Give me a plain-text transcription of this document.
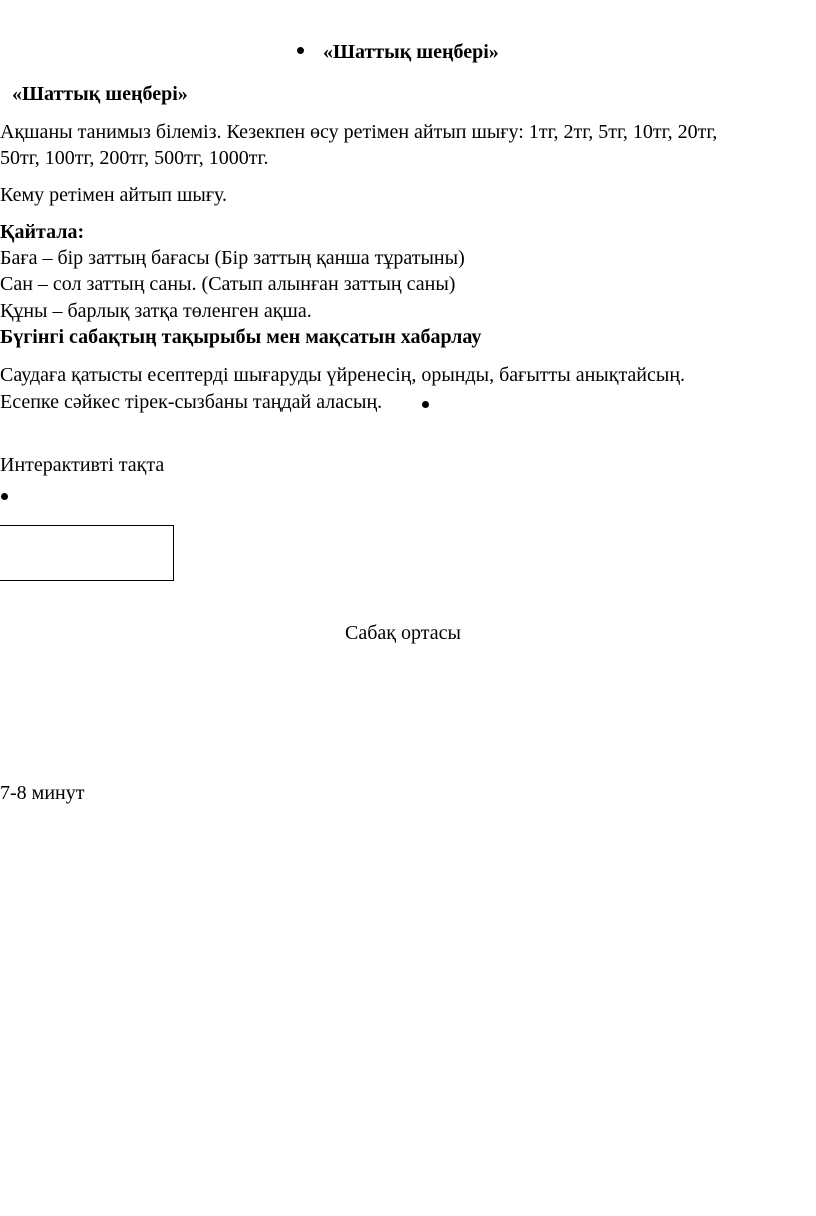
«Шаттық шеңбері»

«Шаттық шеңбері»

Ақшаны танимыз білеміз. Кезекпен өсу ретімен айтып шығу: 1тг, 2тг, 5тг, 10тг, 20тг,

50тг, 100тг, 200тг, 500тг, 1000тг.

Кему ретімен айтып шығу.

Қайтала:

Баға – бір заттың бағасы (Бір заттың қанша тұратыны)

Сан – сол заттың саны. (Сатып алынған заттың саны)

Құны – барлық затқа төленген ақша.

Бүгінгі сабақтың тақырыбы мен мақсатын хабарлау

Саудаға қатысты есептерді шығаруды үйренесің, орынды, бағытты анықтайсың.

Есепке сәйкес тірек-сызбаны таңдай аласың.

Интерактивті тақта

Сабақ ортасы

7-8 минут
